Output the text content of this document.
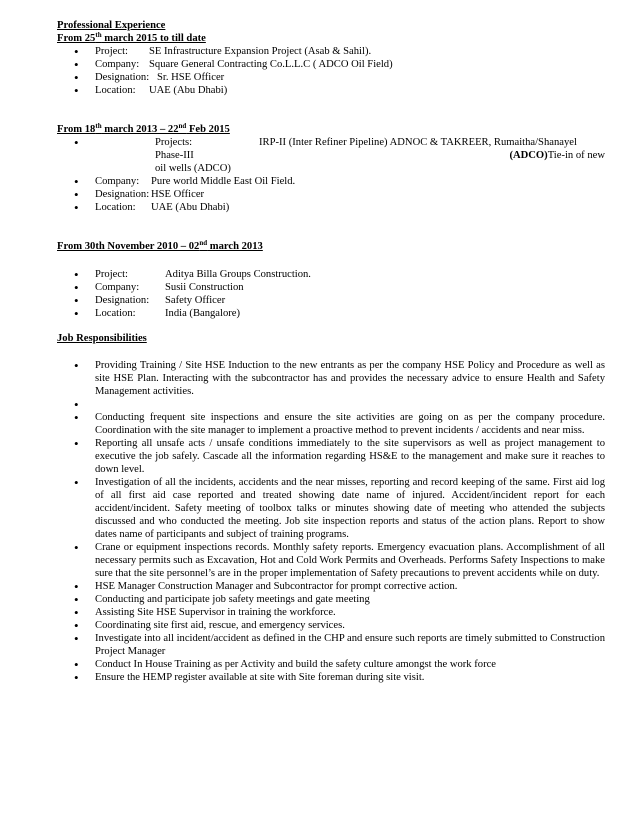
Professional Experience

From 25th march 2015 to till date

• Project: SE Infrastructure Expansion Project (Asab & Sahil).
• Company: Square General Contracting Co.L.L.C ( ADCO Oil Field)
• Designation: Sr. HSE Officer
• Location: UAE (Abu Dhabi)

From 18th march 2013 – 22nd Feb 2015

• Projects:	IRP-II (Inter Refiner Pipeline) ADNOC & TAKREER, Rumaitha/Shanayel
Phase-III	(ADCO)Tie-in of new
oil wells (ADCO)
• Company: Pure world Middle East Oil Field.
• Designation: HSE Officer
• Location: UAE (Abu Dhabi)

From 30th November 2010 – 02nd march 2013

• Project:	Aditya Billa Groups Construction.
• Company: Susii Construction
• Designation: Safety Officer
• Location:	India (Bangalore)

Job Responsibilities

• Providing Training / Site HSE Induction to the new entrants as per the company HSE Policy and Procedure as well as site HSE Plan. Interacting with the subcontractor has and provides the necessary advice to ensure Health and Safety Management activities.
•
• Conducting frequent site inspections and ensure the site activities are going on as per the company procedure. Coordination with the site manager to implement a proactive method to prevent incidents / accidents and near miss.
• Reporting all unsafe acts / unsafe conditions immediately to the site supervisors as well as project management to executive the job safely. Cascade all the information regarding HS&E to the management and make sure it reaches to down level.
• Investigation of all the incidents, accidents and the near misses, reporting and record keeping of the same. First aid log of all first aid case reported and treated showing date name of injured. Accident/incident report for each accident/incident. Safety meeting of toolbox talks or minutes showing date of meeting who attended the subjects discussed and who conducted the meeting. Job site inspection reports and status of the action plans. Report to show dates name of participants and subject of training programs.
• Crane or equipment inspections records. Monthly safety reports. Emergency evacuation plans. Accomplishment of all necessary permits such as Excavation, Hot and Cold Work Permits and Overheads. Performs Safety Inspections to make sure that the site personnel’s are in the proper implementation of Safety precautions to prevent accidents while on duty.
• HSE Manager Construction Manager and Subcontractor for prompt corrective action.
• Conducting and participate job safety meetings and gate meeting
• Assisting Site HSE Supervisor in training the workforce.
• Coordinating site first aid, rescue, and emergency services.
• Investigate into all incident/accident as defined in the CHP and ensure such reports are timely submitted to Construction Project Manager
• Conduct In House Training as per Activity and build the safety culture amongst the work force
• Ensure the HEMP register available at site with Site foreman during site visit.
